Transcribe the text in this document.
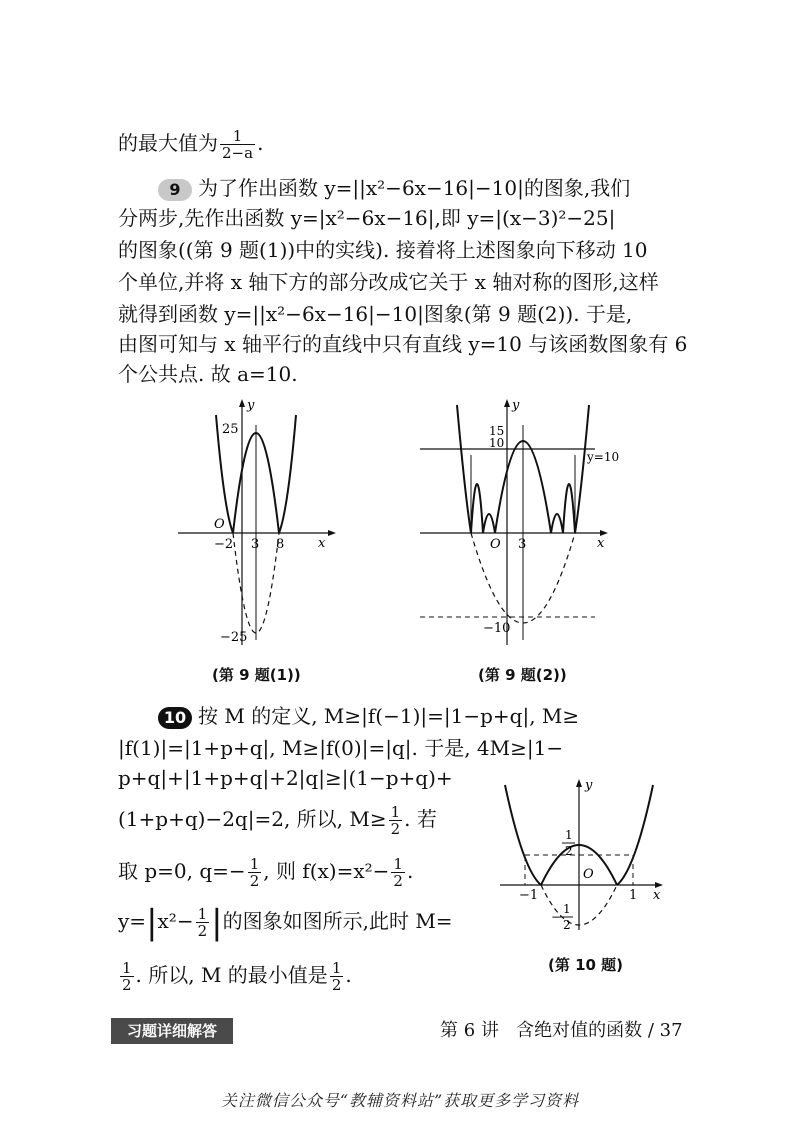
的最大值为 $\frac{1}{2-a}$ .
9 为了作出函数 y=||x²−6x−16|−10|的图象,我们
分两步,先作出函数 y=|x²−6x−16|,即 y=|(x−3)²−25|
的图象((第 9 题(1))中的实线). 接着将上述图象向下移动 10
个单位,并将 x 轴下方的部分改成它关于 x 轴对称的图形,这样
就得到函数 y=||x²−6x−16|−10|图象(第 9 题(2)). 于是,
由图可知与 x 轴平行的直线中只有直线 y=10 与该函数图象有 6
个公共点. 故 a=10.
y
x
25
O
−2 3 8
−25
(第 9 题(1))
y
x
15
10
y=10
O 3
−10
(第 9 题(2))
10 按 M 的定义, M≥|f(−1)|=|1−p+q|, M≥
|f(1)|=|1+p+q|, M≥|f(0)|=|q|. 于是, 4M≥|1−
p+q|+|1+p+q|+2|q|≥|(1−p+q)+
(1+p+q)−2q|=2, 所以, $M\ge \frac{1}{2}$ . 若
取 p=0, $q=- \frac{1}{2}$ , 则 $f(x)=x^2- \frac{1}{2}$ .
$y=|x^2- \frac{1}{2}$ |的图象如图所示,此时 M=
$\frac{1}{2}$ . 所以, M 的最小值是 $\frac{1}{2}$ .
y
x
1
2
O
−1	1
−
1
2
(第 10 题)
习题详细解答	第 6 讲 含绝对值的函数 / 37
关注微信公众号“教辅资料站”获取更多学习资料
